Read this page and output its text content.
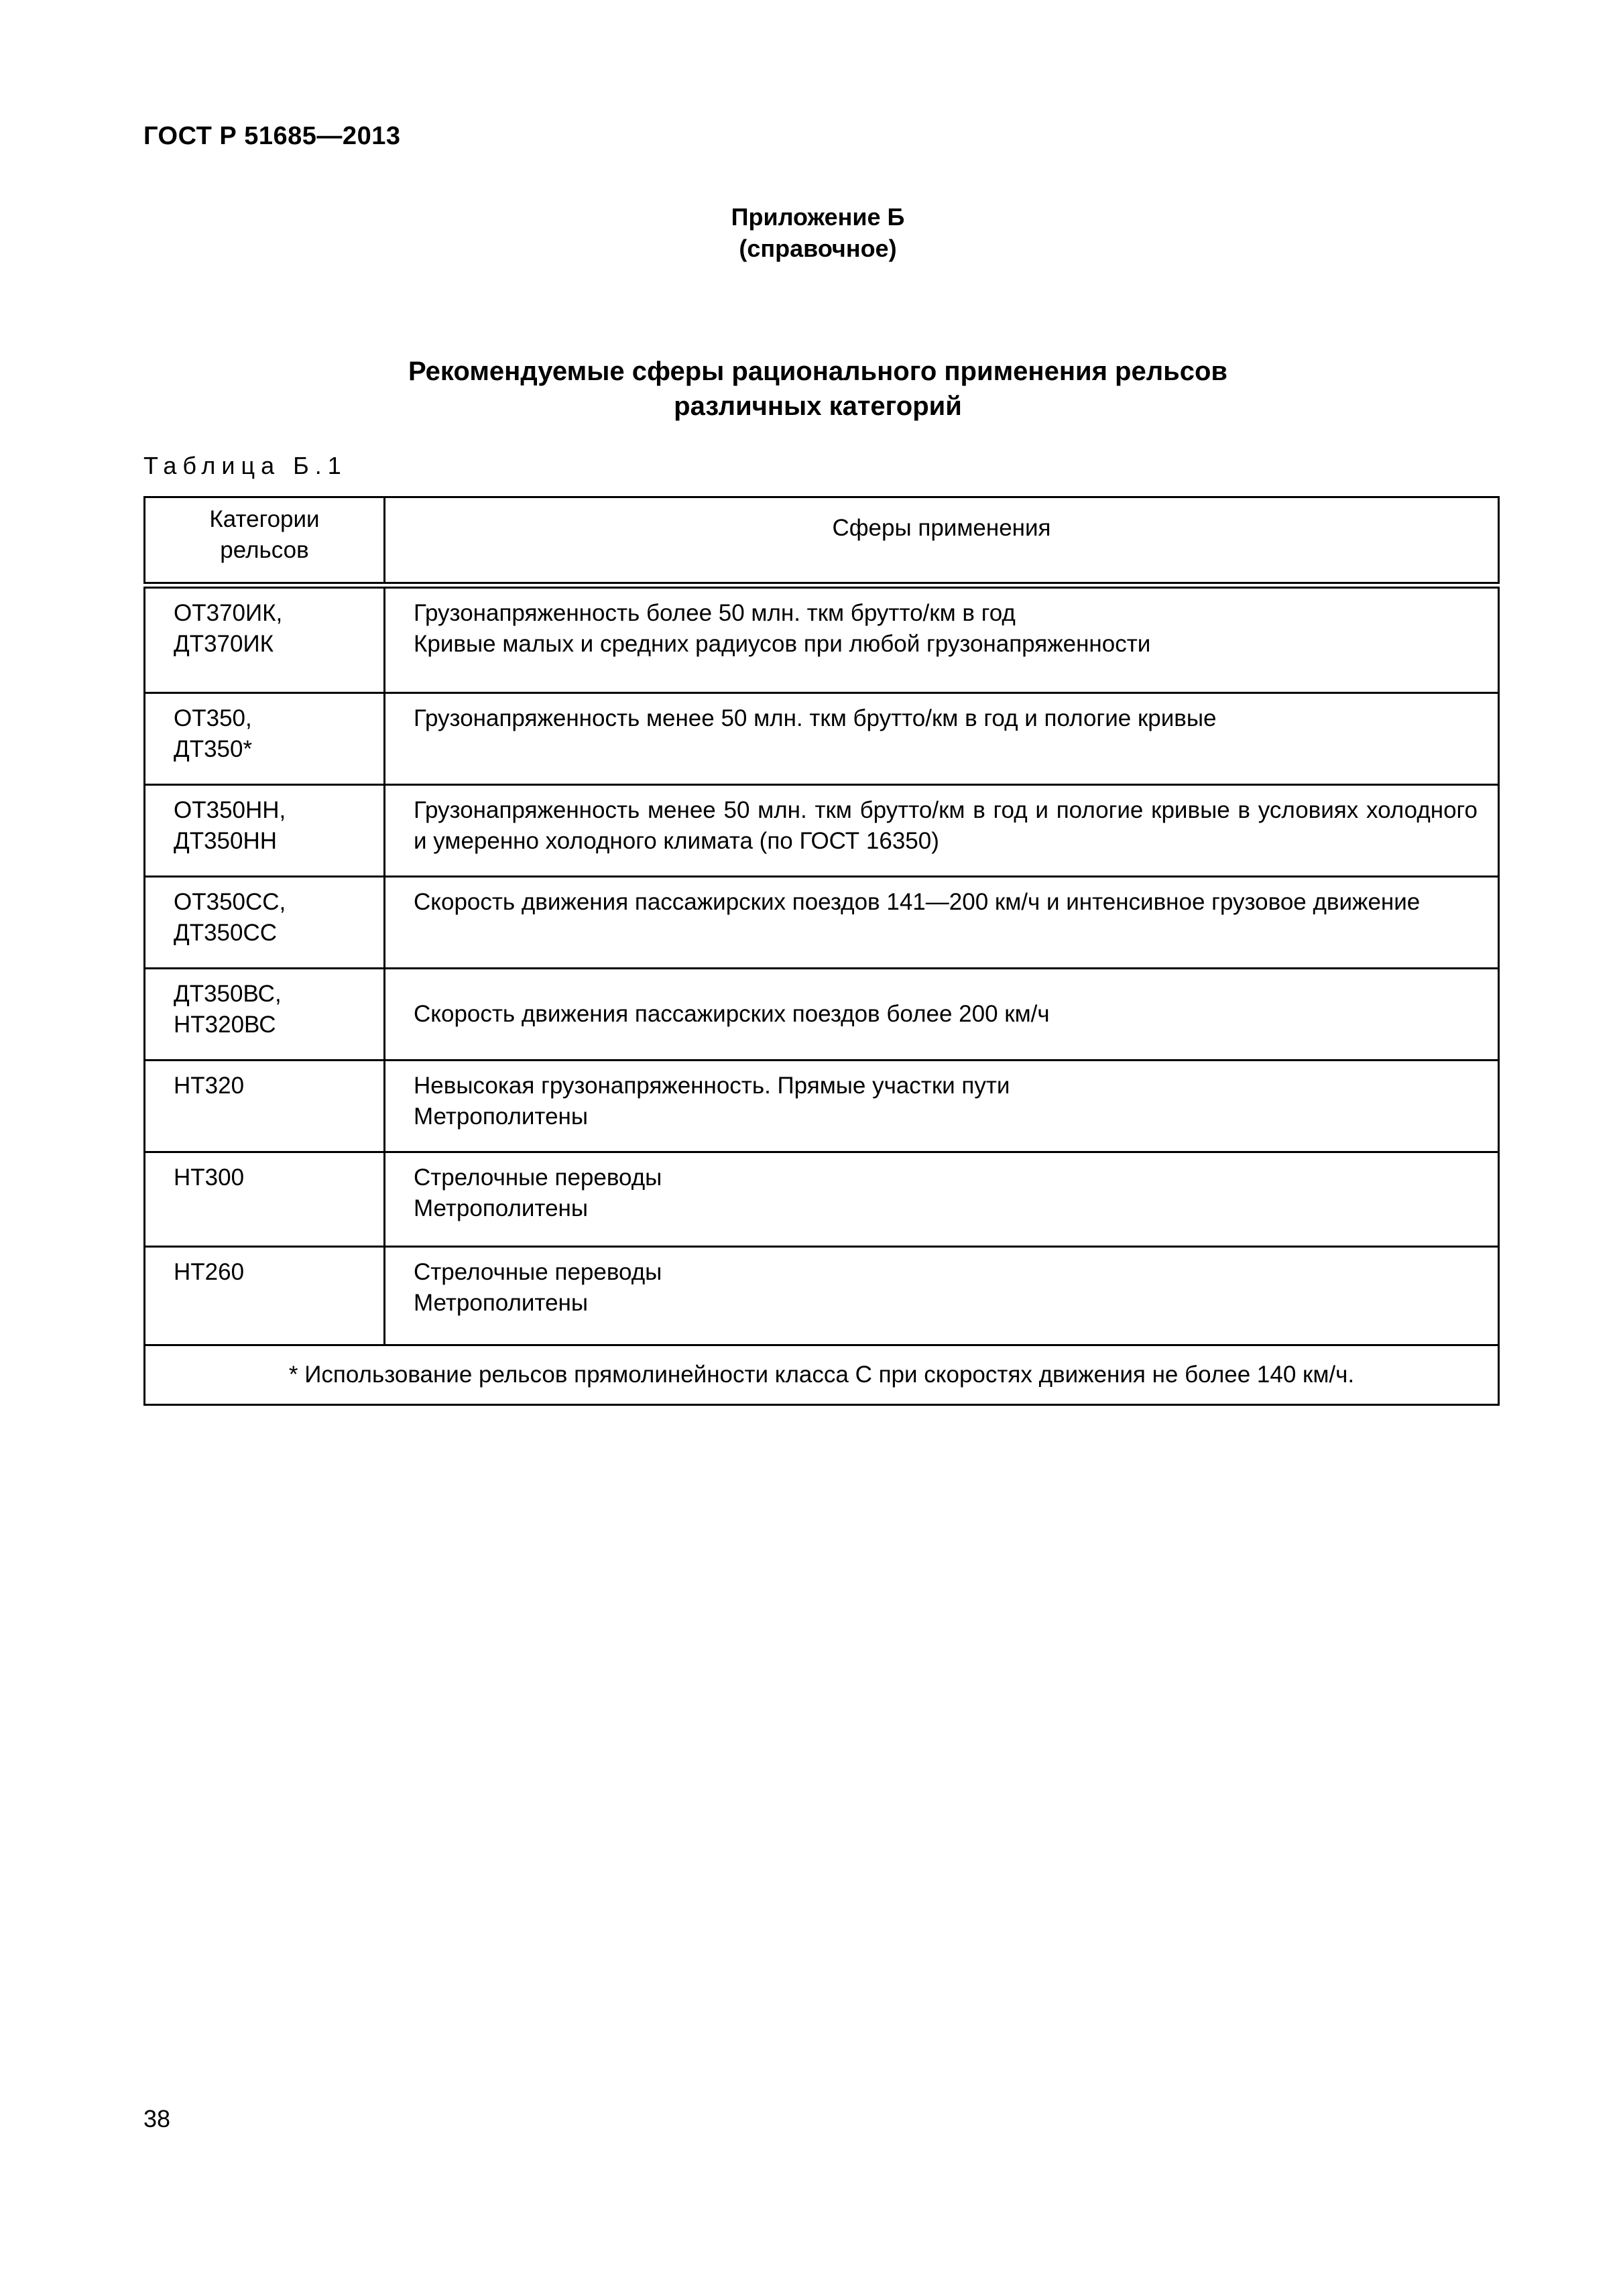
ГОСТ Р 51685—2013
Приложение Б
(справочное)
Рекомендуемые сферы рационального применения рельсов
различных категорий
Таблица Б.1
Категории
рельсов	Сферы применения
ОТ370ИК,
ДТ370ИК	Грузонапряженность более 50 млн. ткм брутто/км в год
Кривые малых и средних радиусов при любой грузонапряженности
ОТ350,
ДТ350*	Грузонапряженность менее 50 млн. ткм брутто/км в год и пологие кривые
ОТ350НН,
ДТ350НН	Грузонапряженность менее 50 млн. ткм брутто/км в год и пологие кривые в условиях холодного и умеренно холодного климата (по ГОСТ 16350)
ОТ350СС,
ДТ350СС	Скорость движения пассажирских поездов 141—200 км/ч и интенсивное грузовое движение
ДТ350ВС,
НТ320ВС	Скорость движения пассажирских поездов более 200 км/ч
НТ320	Невысокая грузонапряженность. Прямые участки пути
Метрополитены
НТ300	Стрелочные переводы
Метрополитены
НТ260	Стрелочные переводы
Метрополитены
* Использование рельсов прямолинейности класса С при скоростях движения не более 140 км/ч.	
38
